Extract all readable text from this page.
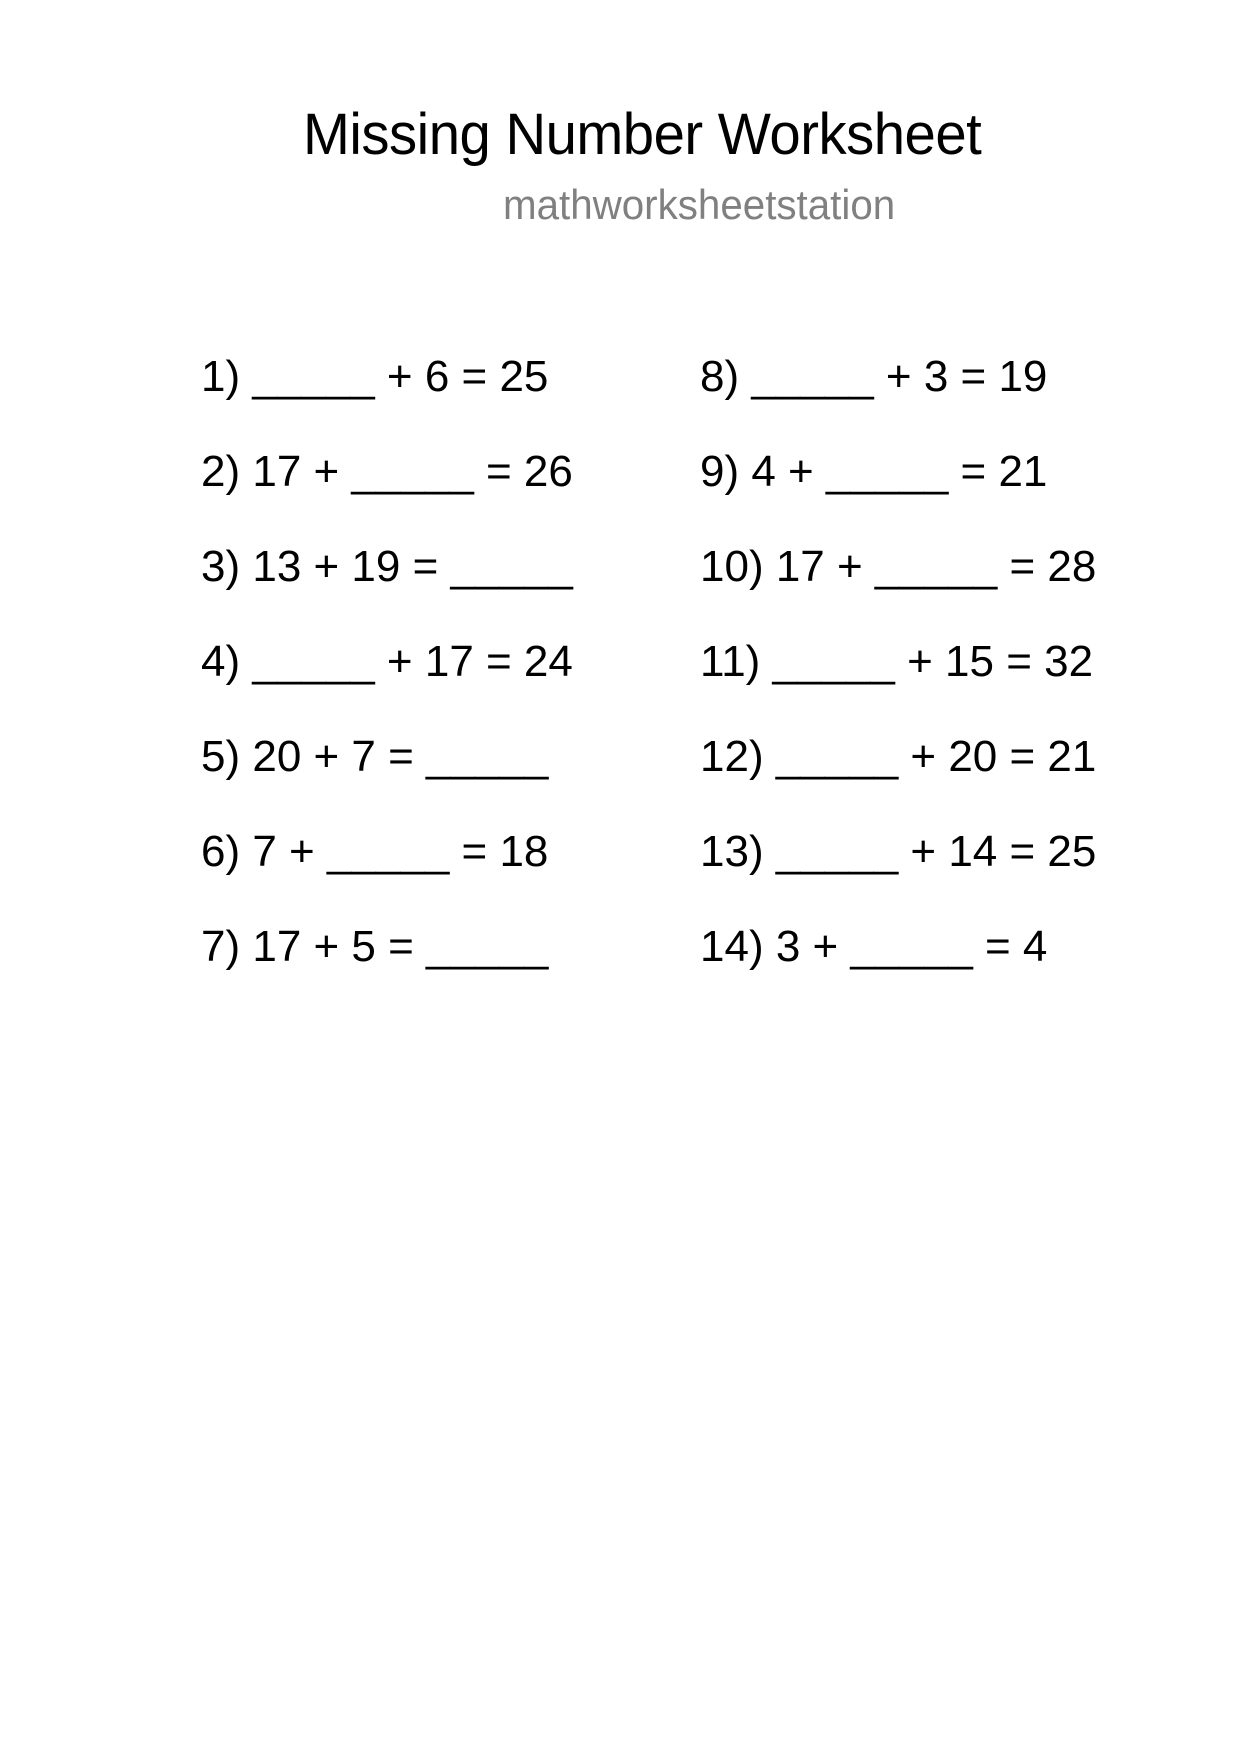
Missing Number Worksheet
mathworksheetstation
1) _____ + 6 = 25
2) 17 + _____ = 26
3) 13 + 19 = _____
4) _____ + 17 = 24
5) 20 + 7 = _____
6) 7 + _____ = 18
7) 17 + 5 = _____
8) _____ + 3 = 19
9) 4 + _____ = 21
10) 17 + _____ = 28
11) _____ + 15 = 32
12) _____ + 20 = 21
13) _____ + 14 = 25
14) 3 + _____ = 4
